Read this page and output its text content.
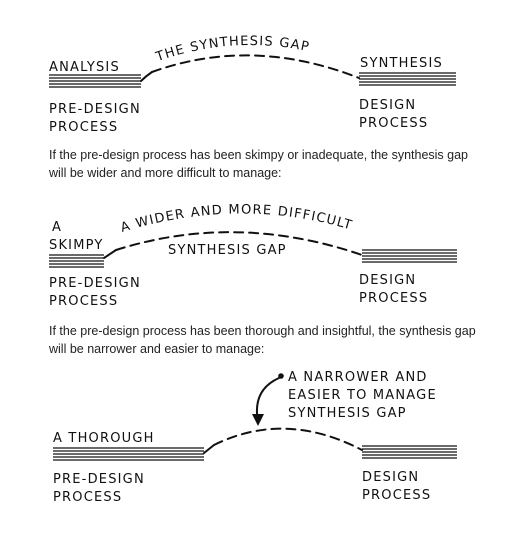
THE SYNTHESIS GAP
ANALYSIS	SYNTHESIS
PRE-DESIGN
PROCESS
DESIGN
PROCESS
A WIDER AND MORE DIFFICULT
SYNTHESIS GAP
A
SKIMPY
PRE-DESIGN
PROCESS
DESIGN
PROCESS
A NARROWER AND
EASIER TO MANAGE
SYNTHESIS GAP
A THOROUGH
PRE-DESIGN
PROCESS
DESIGN
PROCESS
If the pre-design process has been skimpy or inadequate, the synthesis gap will be wider and more difficult to manage:
If the pre-design process has been thorough and insightful, the synthesis gap will be narrower and easier to manage:
